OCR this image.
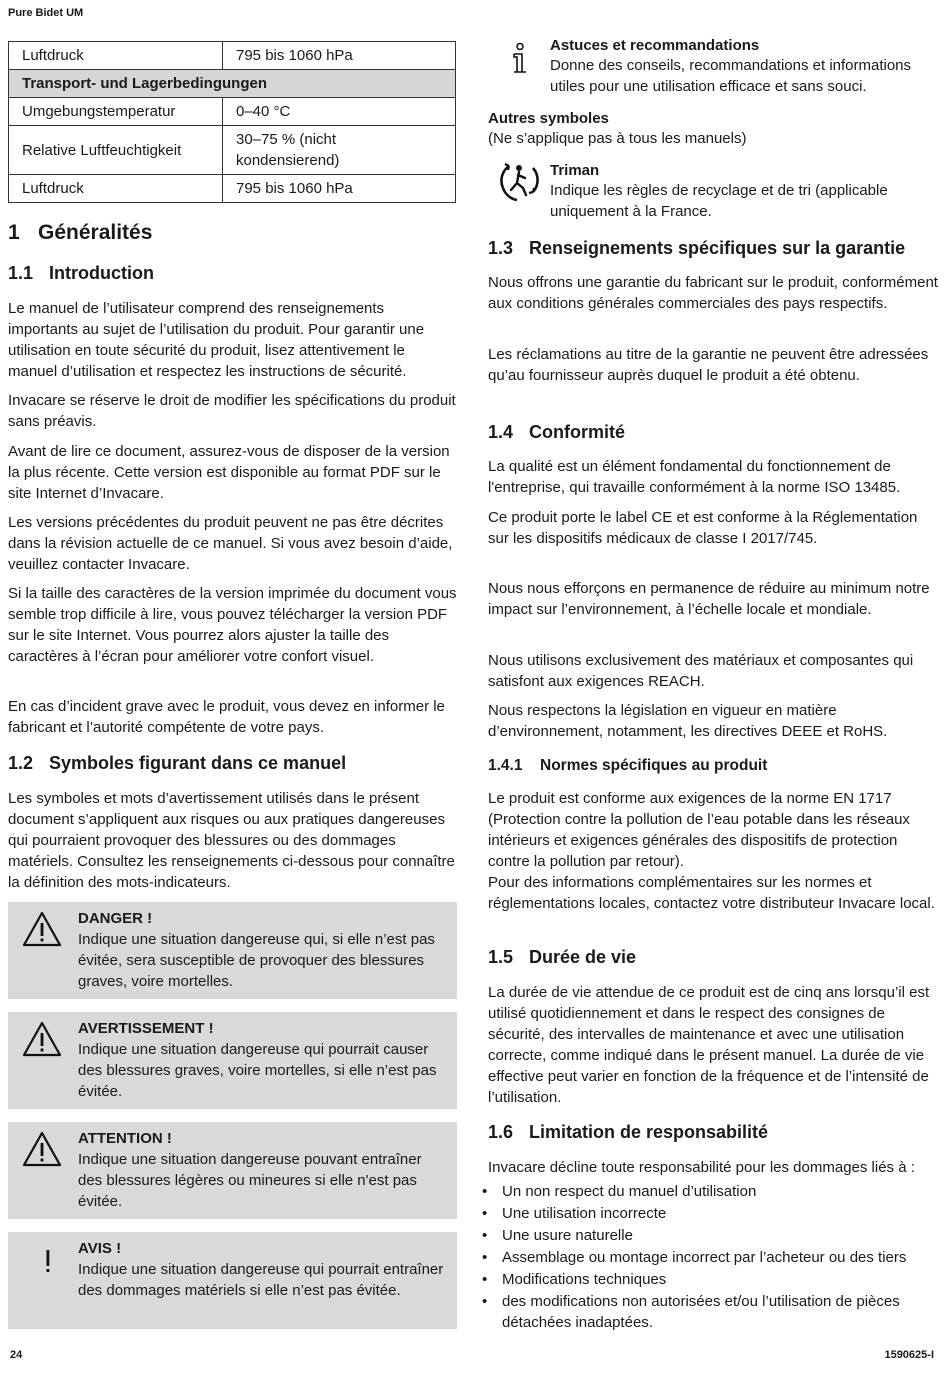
Pure Bidet UM
24	1590625-I
Luftdruck	795 bis 1060 hPa
Transport- und Lagerbedingungen	
Umgebungstemperatur	0–40 °C
Relative Luftfeuchtigkeit	30–75 % (nicht kondensierend)
Luftdruck	795 bis 1060 hPa
1 Généralités
1.1 Introduction

Le manuel de l’utilisateur comprend des renseignements importants au sujet de l’utilisation du produit. Pour garantir une utilisation en toute sécurité du produit, lisez attentivement le manuel d’utilisation et respectez les instructions de sécurité.

Invacare se réserve le droit de modifier les spécifications du produit sans préavis.

Avant de lire ce document, assurez-vous de disposer de la version la plus récente. Cette version est disponible au format PDF sur le site Internet d’Invacare.

Les versions précédentes du produit peuvent ne pas être décrites dans la révision actuelle de ce manuel. Si vous avez besoin d’aide, veuillez contacter Invacare.

Si la taille des caractères de la version imprimée du document vous semble trop difficile à lire, vous pouvez télécharger la version PDF sur le site Internet. Vous pourrez alors ajuster la taille des caractères à l’écran pour améliorer votre confort visuel.

En cas d’incident grave avec le produit, vous devez en informer le fabricant et l’autorité compétente de votre pays.

1.2 Symboles figurant dans ce manuel

Les symboles et mots d’avertissement utilisés dans le présent document s’appliquent aux risques ou aux pratiques dangereuses qui pourraient provoquer des blessures ou des dommages matériels. Consultez les renseignements ci-dessous pour connaître la définition des mots-indicateurs.

DANGER !
Indique une situation dangereuse qui, si elle n’est pas évitée, sera susceptible de provoquer des blessures graves, voire mortelles.
AVERTISSEMENT !
Indique une situation dangereuse qui pourrait causer des blessures graves, voire mortelles, si elle n’est pas évitée.
ATTENTION !
Indique une situation dangereuse pouvant entraîner des blessures légères ou mineures si elle n'est pas évitée.
AVIS !
Indique une situation dangereuse qui pourrait entraîner des dommages matériels si elle n’est pas évitée.
Astuces et recommandations

Donne des conseils, recommandations et informations utiles pour une utilisation efficace et sans souci.

Autres symboles

(Ne s’applique pas à tous les manuels)

Triman

Indique les règles de recyclage et de tri (applicable uniquement à la France.

1.3 Renseignements spécifiques sur la garantie

Nous offrons une garantie du fabricant sur le produit, conformément aux conditions générales commerciales des pays respectifs.

Les réclamations au titre de la garantie ne peuvent être adressées qu’au fournisseur auprès duquel le produit a été obtenu.

1.4 Conformité

La qualité est un élément fondamental du fonctionnement de l'entreprise, qui travaille conformément à la norme ISO 13485.

Ce produit porte le label CE et est conforme à la Réglementation sur les dispositifs médicaux de classe I 2017/745.

Nous nous efforçons en permanence de réduire au minimum notre impact sur l’environnement, à l’échelle locale et mondiale.

Nous utilisons exclusivement des matériaux et composantes qui satisfont aux exigences REACH.

Nous respectons la législation en vigueur en matière d’environnement, notamment, les directives DEEE et RoHS.

1.4.1 Normes spécifiques au produit

Le produit est conforme aux exigences de la norme EN 1717 (Protection contre la pollution de l’eau potable dans les réseaux intérieurs et exigences générales des dispositifs de protection contre la pollution par retour).

Pour des informations complémentaires sur les normes et réglementations locales, contactez votre distributeur Invacare local.

1.5 Durée de vie

La durée de vie attendue de ce produit est de cinq ans lorsqu’il est utilisé quotidiennement et dans le respect des consignes de sécurité, des intervalles de maintenance et avec une utilisation correcte, comme indiqué dans le présent manuel. La durée de vie effective peut varier en fonction de la fréquence et de l’intensité de l’utilisation.

1.6 Limitation de responsabilité

Invacare décline toute responsabilité pour les dommages liés à :

• Un non respect du manuel d’utilisation
• Une utilisation incorrecte
• Une usure naturelle
• Assemblage ou montage incorrect par l’acheteur ou des tiers
• Modifications techniques
• des modifications non autorisées et/ou l’utilisation de pièces détachées inadaptées.
